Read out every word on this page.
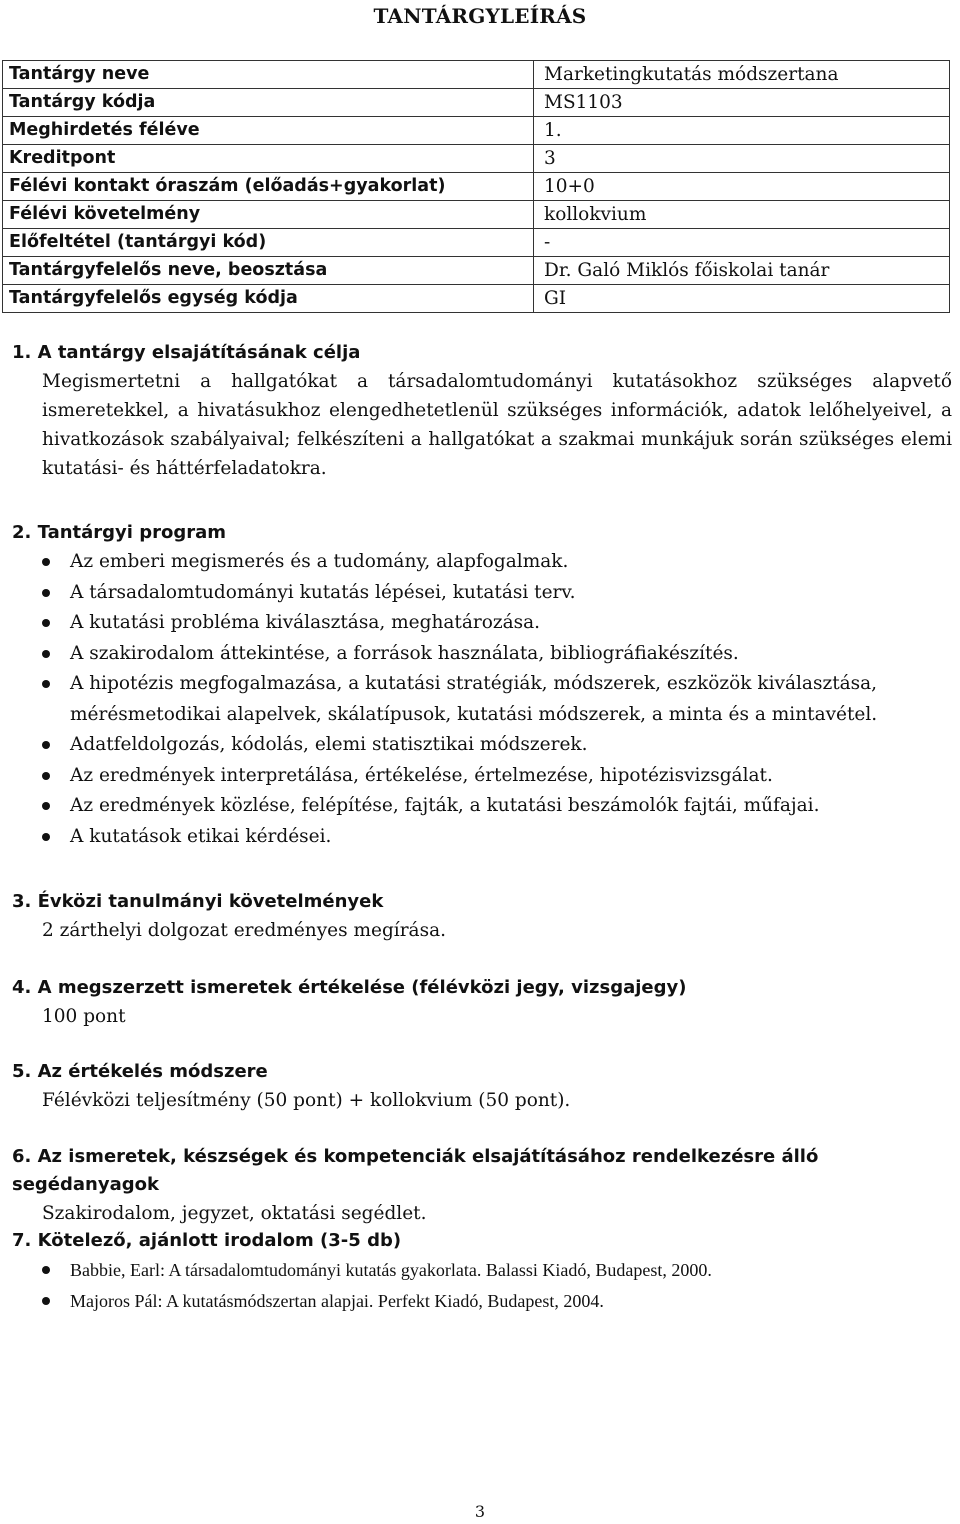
TANTÁRGYLEÍRÁS
Tantárgy neve	Marketingkutatás módszertana
Tantárgy kódja	MS1103
Meghirdetés féléve	1.
Kreditpont	3
Félévi kontakt óraszám (előadás+gyakorlat)	10+0
Félévi követelmény	kollokvium
Előfeltétel (tantárgyi kód)	-
Tantárgyfelelős neve, beosztása	Dr. Galó Miklós főiskolai tanár
Tantárgyfelelős egység kódja	GI
1. A tantárgy elsajátításának célja
Megismertetni a hallgatókat a társadalomtudományi kutatásokhoz szükséges alapvető ismeretekkel, a hivatásukhoz elengedhetetlenül szükséges információk, adatok lelőhelyeivel, a hivatkozások szabályaival; felkészíteni a hallgatókat a szakmai munkájuk során szükséges elemi kutatási- és háttérfeladatokra.
2. Tantárgyi program
Az emberi megismerés és a tudomány, alapfogalmak.
A társadalomtudományi kutatás lépései, kutatási terv.
A kutatási probléma kiválasztása, meghatározása.
A szakirodalom áttekintése, a források használata, bibliográfiakészítés.
A hipotézis megfogalmazása, a kutatási stratégiák, módszerek, eszközök kiválasztása, mérésmetodikai alapelvek, skálatípusok, kutatási módszerek, a minta és a mintavétel.
Adatfeldolgozás, kódolás, elemi statisztikai módszerek.
Az eredmények interpretálása, értékelése, értelmezése, hipotézisvizsgálat.
Az eredmények közlése, felépítése, fajták, a kutatási beszámolók fajtái, műfajai.
A kutatások etikai kérdései.
3. Évközi tanulmányi követelmények
2 zárthelyi dolgozat eredményes megírása.
4. A megszerzett ismeretek értékelése (félévközi jegy, vizsgajegy)
100 pont
5. Az értékelés módszere
Félévközi teljesítmény (50 pont) + kollokvium (50 pont).
6. Az ismeretek, készségek és kompetenciák elsajátításához rendelkezésre álló segédanyagok
Szakirodalom, jegyzet, oktatási segédlet.
7. Kötelező, ajánlott irodalom (3-5 db)
Babbie, Earl: A társadalomtudományi kutatás gyakorlata. Balassi Kiadó, Budapest, 2000.
Majoros Pál: A kutatásmódszertan alapjai. Perfekt Kiadó, Budapest, 2004.
3
